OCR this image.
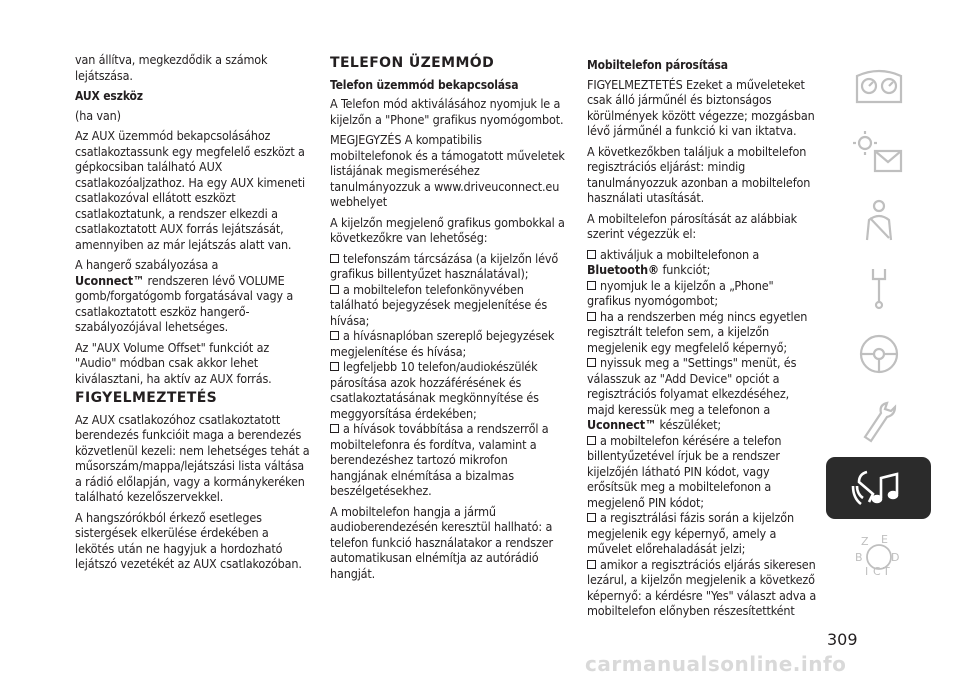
van állítva, megkezdődik a számok lejátszása.

AUX eszköz

(ha van)

Az AUX üzemmód bekapcsolásához csatlakoztassunk egy megfelelő eszközt a gépkocsiban található AUX csatlakozóaljzathoz. Ha egy AUX kimeneti csatlakozóval ellátott eszközt csatlakoztatunk, a rendszer elkezdi a csatlakoztatott AUX forrás lejátszását, amennyiben az már lejátszás alatt van.

A hangerő szabályozása a
Uconnect™ rendszeren lévő VOLUME gomb/forgatógomb forgatásával vagy a csatlakoztatott eszköz hangerő-szabályozójával lehetséges.

Az "AUX Volume Offset" funkciót az "Audio" módban csak akkor lehet kiválasztani, ha aktív az AUX forrás.

FIGYELMEZTETÉS

Az AUX csatlakozóhoz csatlakoztatott berendezés funkcióit maga a berendezés közvetlenül kezeli: nem lehetséges tehát a műsorszám/mappa/lejátszási lista váltása a rádió előlapján, vagy a kormánykeréken található kezelőszervekkel.

A hangszórókból érkező esetleges sistergések elkerülése érdekében a lekötés után ne hagyjuk a hordozható lejátszó vezetékét az AUX csatlakozóban.

TELEFON ÜZEMMÓD
Telefon üzemmód bekapcsolása

A Telefon mód aktiválásához nyomjuk le a kijelzőn a "Phone" grafikus nyomógombot.

MEGJEGYZÉS A kompatibilis mobiltelefonok és a támogatott műveletek listájának megismeréséhez tanulmányozzuk a www.driveuconnect.eu webhelyet

A kijelzőn megjelenő grafikus gombokkal a következőkre van lehetőség:

telefonszám tárcsázása (a kijelzőn lévő grafikus billentyűzet használatával);
a mobiltelefon telefonkönyvében található bejegyzések megjelenítése és hívása;
a hívásnaplóban szereplő bejegyzések megjelenítése és hívása;
legfeljebb 10 telefon/audiokészülék párosítása azok hozzáférésének és csatlakoztatásának megkönnyítése és meggyorsítása érdekében;
a hívások továbbítása a rendszerről a mobiltelefonra és fordítva, valamint a berendezéshez tartozó mikrofon hangjának elnémítása a bizalmas beszélgetésekhez.

A mobiltelefon hangja a jármű audioberendezésén keresztül hallható: a telefon funkció használatakor a rendszer automatikusan elnémítja az autórádió hangját.

Mobiltelefon párosítása

FIGYELMEZTETÉS Ezeket a műveleteket csak álló járműnél és biztonságos körülmények között végezze; mozgásban lévő járműnél a funkció ki van iktatva.

A következőkben találjuk a mobiltelefon regisztrációs eljárást: mindig tanulmányozzuk azonban a mobiltelefon használati utasítását.

A mobiltelefon párosítását az alábbiak szerint végezzük el:

aktiváljuk a mobiltelefonon a
Bluetooth® funkciót;
nyomjuk le a kijelzőn a „Phone" grafikus nyomógombot;
ha a rendszerben még nincs egyetlen regisztrált telefon sem, a kijelzőn megjelenik egy megfelelő képernyő;
nyissuk meg a "Settings" menüt, és válasszuk az "Add Device" opciót a regisztrációs folyamat elkezdéséhez, majd keressük meg a telefonon a Uconnect™ készüléket;
a mobiltelefon kérésére a telefon billentyűzetével írjuk be a rendszer kijelzőjén látható PIN kódot, vagy erősítsük meg a mobiltelefonon a megjelenő PIN kódot;
a regisztrálási fázis során a kijelzőn megjelenik egy képernyő, amely a művelet előrehaladását jelzi;
amikor a regisztrációs eljárás sikeresen lezárul, a kijelzőn megjelenik a következő képernyő: a kérdésre "Yes" választ adva a mobiltelefon előnyben részesítettként

Z E
B	D
I C T
309
carmanualsonline.info
